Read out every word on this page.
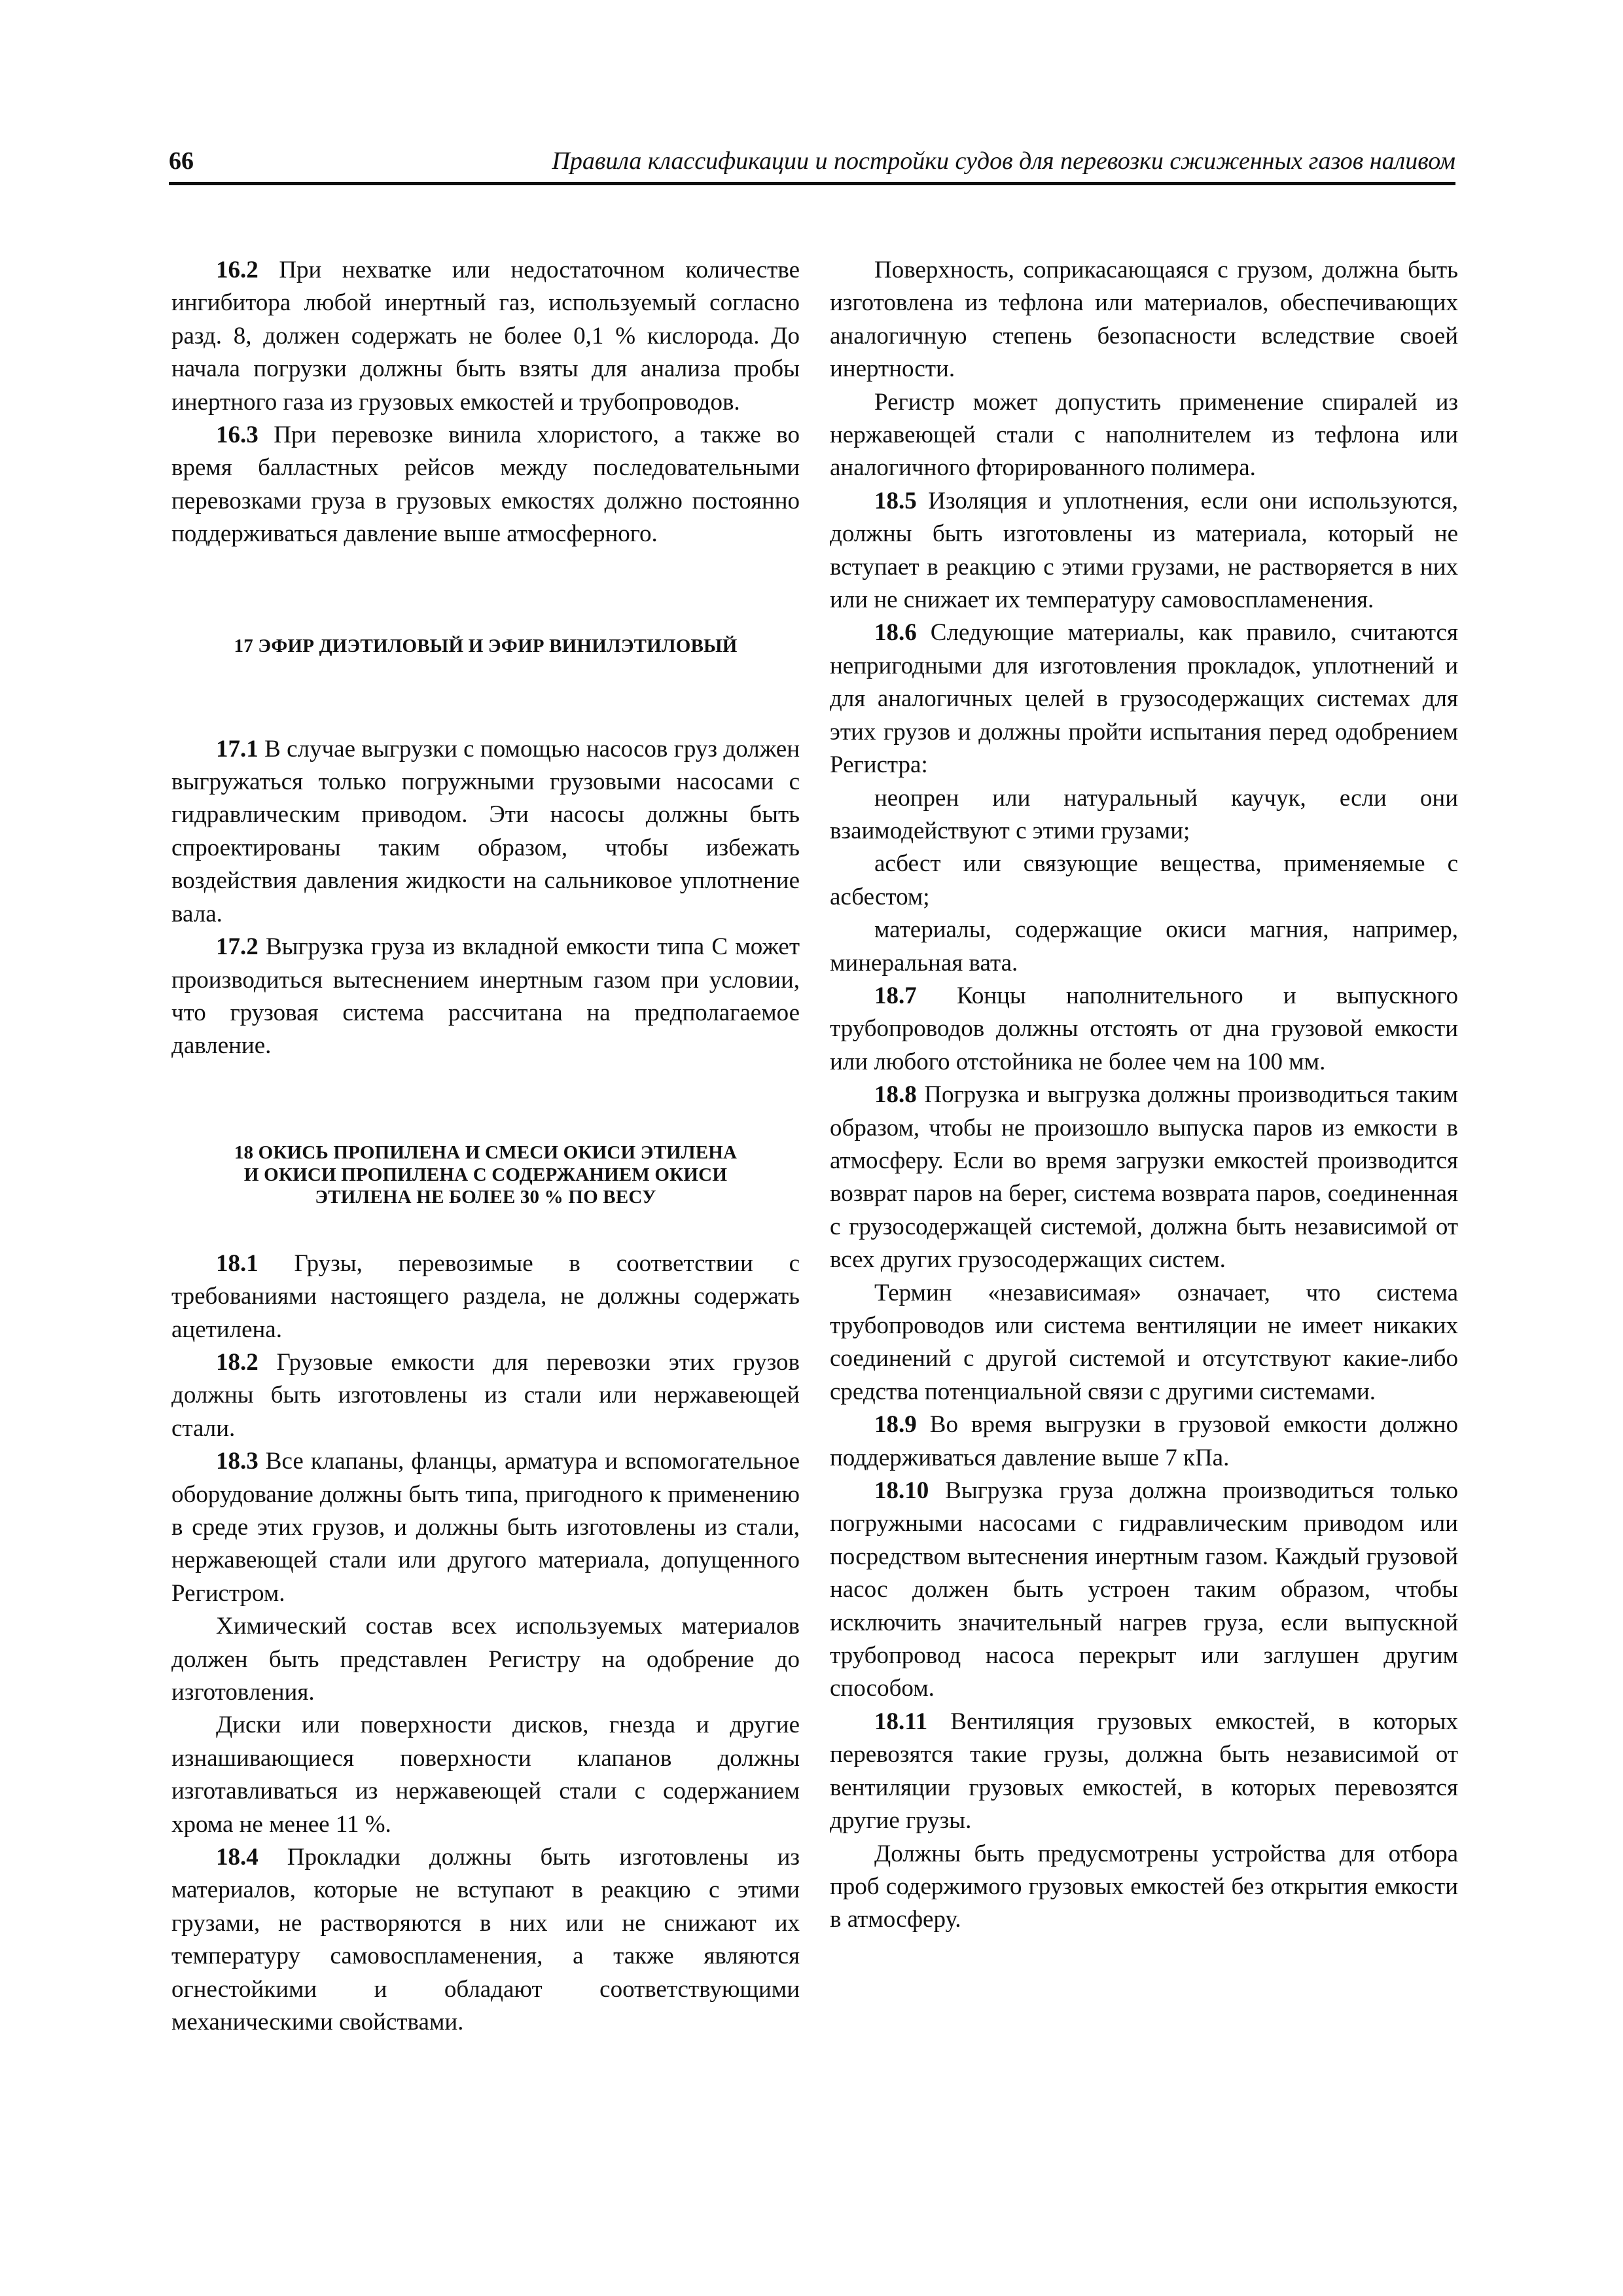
66	Правила классификации и постройки судов для перевозки сжиженных газов наливом

16.2 При нехватке или недостаточном количестве ингибитора любой инертный газ, используемый согласно разд. 8, должен содержать не более 0,1 % кислорода. До начала погрузки должны быть взяты для анализа пробы инертного газа из грузовых емкостей и трубопроводов.

16.3 При перевозке винила хлористого, а также во время балластных рейсов между последовательными перевозками груза в грузовых емкостях должно постоянно поддерживаться давление выше атмосферного.

17 ЭФИР ДИЭТИЛОВЫЙ И ЭФИР ВИНИЛЭТИЛОВЫЙ

17.1 В случае выгрузки с помощью насосов груз должен выгружаться только погружными грузовыми насосами с гидравлическим приводом. Эти насосы должны быть спроектированы таким образом, чтобы избежать воздействия давления жидкости на сальниковое уплотнение вала.

17.2 Выгрузка груза из вкладной емкости типа С может производиться вытеснением инертным газом при условии, что грузовая система рассчитана на предполагаемое давление.

18 ОКИСЬ ПРОПИЛЕНА И СМЕСИ ОКИСИ ЭТИЛЕНА

И ОКИСИ ПРОПИЛЕНА С СОДЕРЖАНИЕМ ОКИСИ

ЭТИЛЕНА НЕ БОЛЕЕ 30 % ПО ВЕСУ

18.1 Грузы, перевозимые в соответствии с требованиями настоящего раздела, не должны содержать ацетилена.

18.2 Грузовые емкости для перевозки этих грузов должны быть изготовлены из стали или нержавеющей стали.

18.3 Все клапаны, фланцы, арматура и вспомогательное оборудование должны быть типа, пригодного к применению в среде этих грузов, и должны быть изготовлены из стали, нержавеющей стали или другого материала, допущенного Регистром.

Химический состав всех используемых материалов должен быть представлен Регистру на одобрение до изготовления.

Диски или поверхности дисков, гнезда и другие изнашивающиеся поверхности клапанов должны изготавливаться из нержавеющей стали с содержанием хрома не менее 11 %.

18.4 Прокладки должны быть изготовлены из материалов, которые не вступают в реакцию с этими грузами, не растворяются в них или не снижают их температуру самовоспламенения, а также являются огнестойкими и обладают соответствующими механическими свойствами.

Поверхность, соприкасающаяся с грузом, должна быть изготовлена из тефлона или материалов, обеспечивающих аналогичную степень безопасности вследствие своей инертности.

Регистр может допустить применение спиралей из нержавеющей стали с наполнителем из тефлона или аналогичного фторированного полимера.

18.5 Изоляция и уплотнения, если они используются, должны быть изготовлены из материала, который не вступает в реакцию с этими грузами, не растворяется в них или не снижает их температуру самовоспламенения.

18.6 Следующие материалы, как правило, считаются непригодными для изготовления прокладок, уплотнений и для аналогичных целей в грузосодержащих системах для этих грузов и должны пройти испытания перед одобрением Регистра:

неопрен или натуральный каучук, если они взаимодействуют с этими грузами;

асбест или связующие вещества, применяемые с асбестом;

материалы, содержащие окиси магния, например, минеральная вата.

18.7 Концы наполнительного и выпускного трубопроводов должны отстоять от дна грузовой емкости или любого отстойника не более чем на 100 мм.

18.8 Погрузка и выгрузка должны производиться таким образом, чтобы не произошло выпуска паров из емкости в атмосферу. Если во время загрузки емкостей производится возврат паров на берег, система возврата паров, соединенная с грузосодержащей системой, должна быть независимой от всех других грузосодержащих систем.

Термин «независимая» означает, что система трубопроводов или система вентиляции не имеет никаких соединений с другой системой и отсутствуют какие-либо средства потенциальной связи с другими системами.

18.9 Во время выгрузки в грузовой емкости должно поддерживаться давление выше 7 кПа.

18.10 Выгрузка груза должна производиться только погружными насосами с гидравлическим приводом или посредством вытеснения инертным газом. Каждый грузовой насос должен быть устроен таким образом, чтобы исключить значительный нагрев груза, если выпускной трубопровод насоса перекрыт или заглушен другим способом.

18.11 Вентиляция грузовых емкостей, в которых перевозятся такие грузы, должна быть независимой от вентиляции грузовых емкостей, в которых перевозятся другие грузы.

Должны быть предусмотрены устройства для отбора проб содержимого грузовых емкостей без открытия емкости в атмосферу.
